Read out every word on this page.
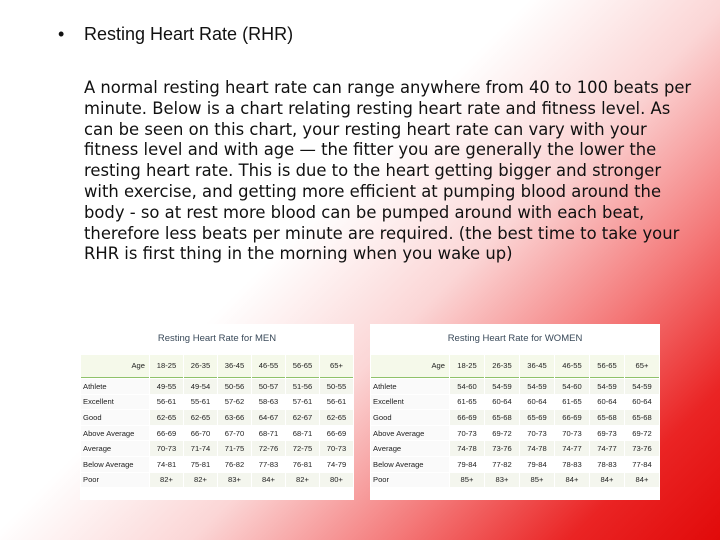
• Resting Heart Rate (RHR)

A normal resting heart rate can range anywhere from 40 to 100 beats per minute. Below is a chart relating resting heart rate and fitness level. As can be seen on this chart, your resting heart rate can vary with your fitness level and with age — the fitter you are generally the lower the resting heart rate. This is due to the heart getting bigger and stronger with exercise, and getting more efficient at pumping blood around the body - so at rest more blood can be pumped around with each beat, therefore less beats per minute are required. (the best time to take your RHR is first thing in the morning when you wake up)

Resting Heart Rate for MEN
Age	18-25	26-35	36-45	46-55	56-65	65+
Athlete	49-55	49-54	50-56	50-57	51-56	50-55
Excellent	56-61	55-61	57-62	58-63	57-61	56-61
Good	62-65	62-65	63-66	64-67	62-67	62-65
Above Average	66-69	66-70	67-70	68-71	68-71	66-69
Average	70-73	71-74	71-75	72-76	72-75	70-73
Below Average	74-81	75-81	76-82	77-83	76-81	74-79
Poor	82+	82+	83+	84+	82+	80+
Resting Heart Rate for WOMEN
Age	18-25	26-35	36-45	46-55	56-65	65+
Athlete	54-60	54-59	54-59	54-60	54-59	54-59
Excellent	61-65	60-64	60-64	61-65	60-64	60-64
Good	66-69	65-68	65-69	66-69	65-68	65-68
Above Average	70-73	69-72	70-73	70-73	69-73	69-72
Average	74-78	73-76	74-78	74-77	74-77	73-76
Below Average	79-84	77-82	79-84	78-83	78-83	77-84
Poor	85+	83+	85+	84+	84+	84+
